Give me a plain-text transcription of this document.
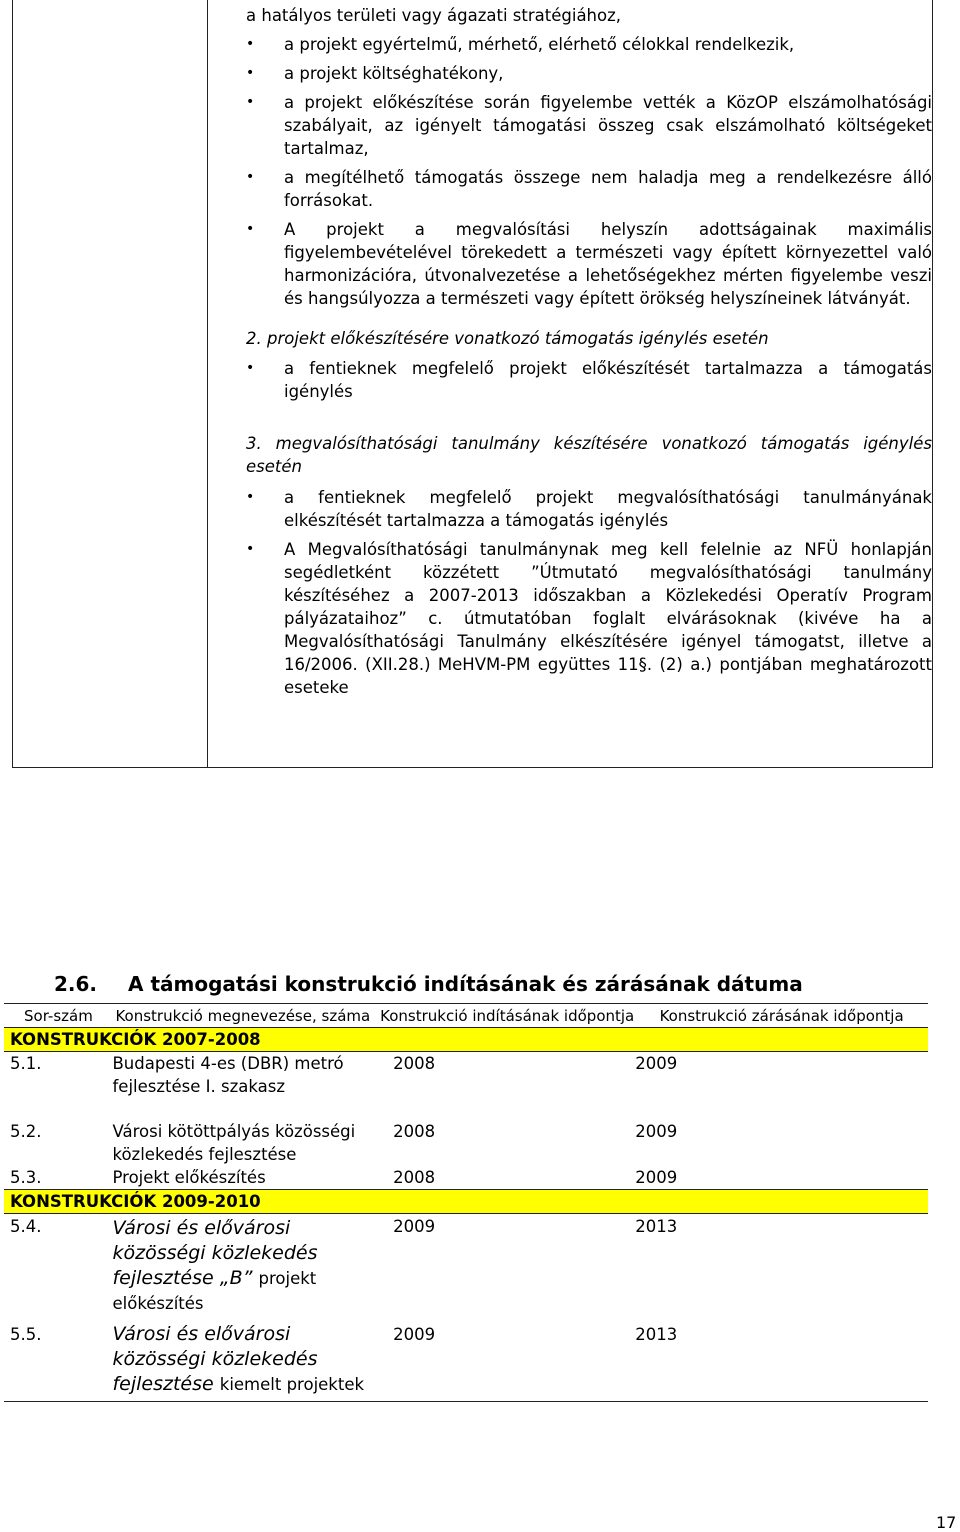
a hatályos területi vagy ágazati stratégiához,

• a projekt egyértelmű, mérhető, elérhető célokkal rendelkezik,
• a projekt költséghatékony,
• a projekt előkészítése során figyelembe vették a KözOP elszámolhatósági szabályait, az igényelt támogatási összeg csak elszámolható költségeket tartalmaz,
• a megítélhető támogatás összege nem haladja meg a rendelkezésre álló forrásokat.
• A projekt a megvalósítási helyszín adottságainak maximális figyelembevételével törekedett a természeti vagy épített környezettel való harmonizációra, útvonalvezetése a lehetőségekhez mérten figyelembe veszi és hangsúlyozza a természeti vagy épített örökség helyszíneinek látványát.

2. projekt előkészítésére vonatkozó támogatás igénylés esetén

• a fentieknek megfelelő projekt előkészítését tartalmazza a támogatás igénylés

3. megvalósíthatósági tanulmány készítésére vonatkozó támogatás igénylés esetén

• a fentieknek megfelelő projekt megvalósíthatósági tanulmányának elkészítését tartalmazza a támogatás igénylés
• A Megvalósíthatósági tanulmánynak meg kell felelnie az NFÜ honlapján segédletként közzétett ”Útmutató megvalósíthatósági tanulmány készítéséhez a 2007-2013 időszakban a Közlekedési Operatív Program pályázataihoz” c. útmutatóban foglalt elvárásoknak (kivéve ha a Megvalósíthatósági Tanulmány elkészítésére igényel támogatst, illetve a 16/2006. (XII.28.) MeHVM-PM együttes 11§. (2) a.) pontjában meghatározott eseteke
2.6. A támogatási konstrukció indításának és zárásának dátuma
Sor-szám	Konstrukció megnevezése, száma	Konstrukció indításának időpontja	Konstrukció zárásának időpontja
KONSTRUKCIÓK 2007-2008			
5.1.	Budapesti 4-es (DBR) metró fejlesztése I. szakasz	2008	2009
5.2.	Városi kötöttpályás közösségi közlekedés fejlesztése	2008	2009
5.3.	Projekt előkészítés	2008	2009
KONSTRUKCIÓK 2009-2010			
5.4.	Városi és elővárosi közösségi közlekedés fejlesztése „B” projekt előkészítés	2009	2013
5.5.	Városi és elővárosi közösségi közlekedés fejlesztése kiemelt projektek	2009	2013
17
